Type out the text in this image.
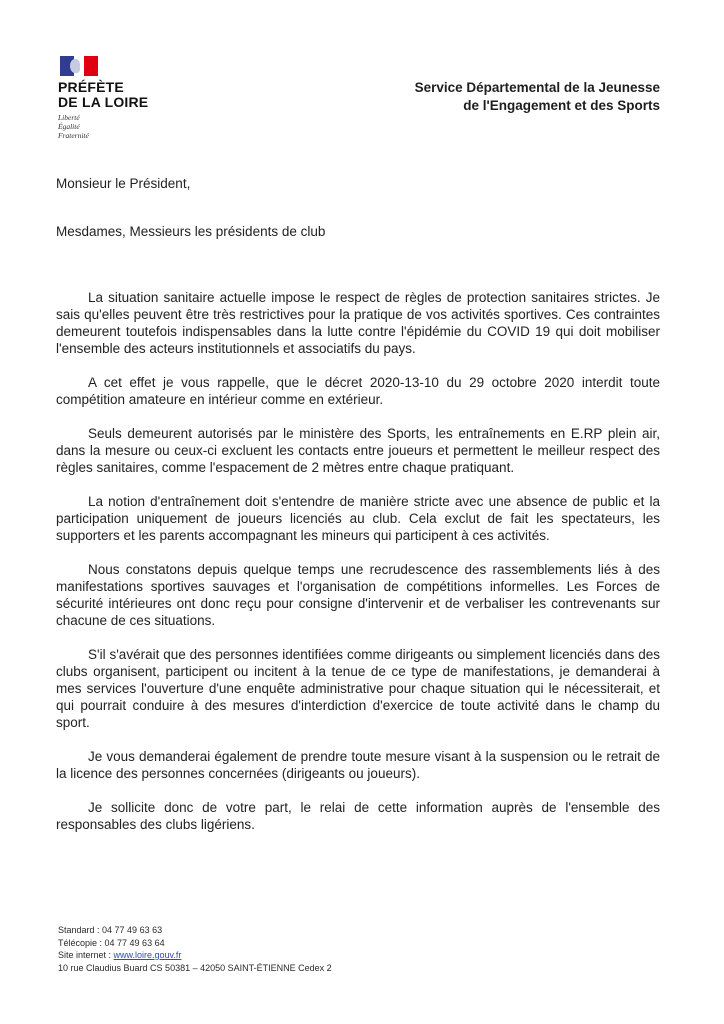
PRÉFÈTE
DE LA LOIRE
Liberté
Égalité
Fraternité
Service Départemental de la Jeunesse
de l'Engagement et des Sports
Monsieur le Président,
Mesdames, Messieurs les présidents de club

La situation sanitaire actuelle impose le respect de règles de protection sanitaires strictes. Je sais qu'elles peuvent être très restrictives pour la pratique de vos activités sportives. Ces contraintes demeurent toutefois indispensables dans la lutte contre l'épidémie du COVID 19 qui doit mobiliser l'ensemble des acteurs institutionnels et associatifs du pays.

A cet effet je vous rappelle, que le décret 2020-13-10 du 29 octobre 2020 interdit toute compétition amateure en intérieur comme en extérieur.

Seuls demeurent autorisés par le ministère des Sports, les entraînements en E.RP plein air, dans la mesure ou ceux-ci excluent les contacts entre joueurs et permettent le meilleur respect des règles sanitaires, comme l'espacement de 2 mètres entre chaque pratiquant.

La notion d'entraînement doit s'entendre de manière stricte avec une absence de public et la participation uniquement de joueurs licenciés au club. Cela exclut de fait les spectateurs, les supporters et les parents accompagnant les mineurs qui participent à ces activités.

Nous constatons depuis quelque temps une recrudescence des rassemblements liés à des manifestations sportives sauvages et l'organisation de compétitions informelles. Les Forces de sécurité intérieures ont donc reçu pour consigne d'intervenir et de verbaliser les contrevenants sur chacune de ces situations.

S'il s'avérait que des personnes identifiées comme dirigeants ou simplement licenciés dans des clubs organisent, participent ou incitent à la tenue de ce type de manifestations, je demanderai à mes services l'ouverture d'une enquête administrative pour chaque situation qui le nécessiterait, et qui pourrait conduire à des mesures d'interdiction d'exercice de toute activité dans le champ du sport.

Je vous demanderai également de prendre toute mesure visant à la suspension ou le retrait de la licence des personnes concernées (dirigeants ou joueurs).

Je sollicite donc de votre part, le relai de cette information auprès de l'ensemble des responsables des clubs ligériens.

Standard : 04 77 49 63 63
Télécopie : 04 77 49 63 64
Site internet : www.loire.gouv.fr
10 rue Claudius Buard CS 50381 – 42050 SAINT-ÉTIENNE Cedex 2
